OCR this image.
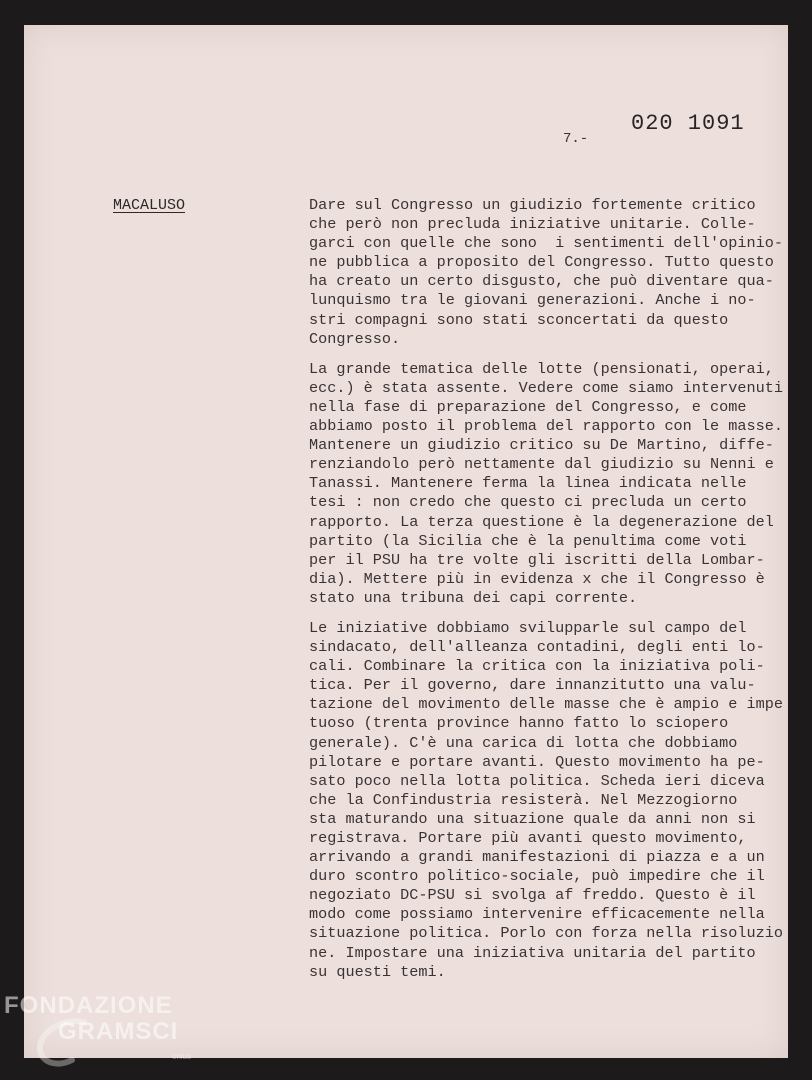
020 1091
7.-
MACALUSO	Dare sul Congresso un giudizio fortemente critico
che però non precluda iniziative unitarie. Colle-
garci con quelle che sono  i sentimenti dell'opinio-
ne pubblica a proposito del Congresso. Tutto questo
ha creato un certo disgusto, che può diventare qua-
lunquismo tra le giovani generazioni. Anche i no-
stri compagni sono stati sconcertati da questo
Congresso.
La grande tematica delle lotte (pensionati, operai,
ecc.) è stata assente. Vedere come siamo intervenuti
nella fase di preparazione del Congresso, e come
abbiamo posto il problema del rapporto con le masse.
Mantenere un giudizio critico su De Martino, diffe-
renziandolo però nettamente dal giudizio su Nenni e
Tanassi. Mantenere ferma la linea indicata nelle
tesi : non credo che questo ci precluda un certo
rapporto. La terza questione è la degenerazione del
partito (la Sicilia che è la penultima come voti
per il PSU ha tre volte gli iscritti della Lombar-
dia). Mettere più in evidenza x che il Congresso è
stato una tribuna dei capi corrente.
Le iniziative dobbiamo svilupparle sul campo del
sindacato, dell'alleanza contadini, degli enti lo-
cali. Combinare la critica con la iniziativa poli-
tica. Per il governo, dare innanzitutto una valu-
tazione del movimento delle masse che è ampio e impe
tuoso (trenta province hanno fatto lo sciopero
generale). C'è una carica di lotta che dobbiamo
pilotare e portare avanti. Questo movimento ha pe-
sato poco nella lotta politica. Scheda ieri diceva
che la Confindustria resisterà. Nel Mezzogiorno
sta maturando una situazione quale da anni non si
registrava. Portare più avanti questo movimento,
arrivando a grandi manifestazioni di piazza e a un
duro scontro politico-sociale, può impedire che il
negoziato DC-PSU si svolga af freddo. Questo è il
modo come possiamo intervenire efficacemente nella
situazione politica. Porlo con forza nella risoluzio
ne. Impostare una iniziativa unitaria del partito
su questi temi.
FONDAZIONE
GRAMSCI
onlus
